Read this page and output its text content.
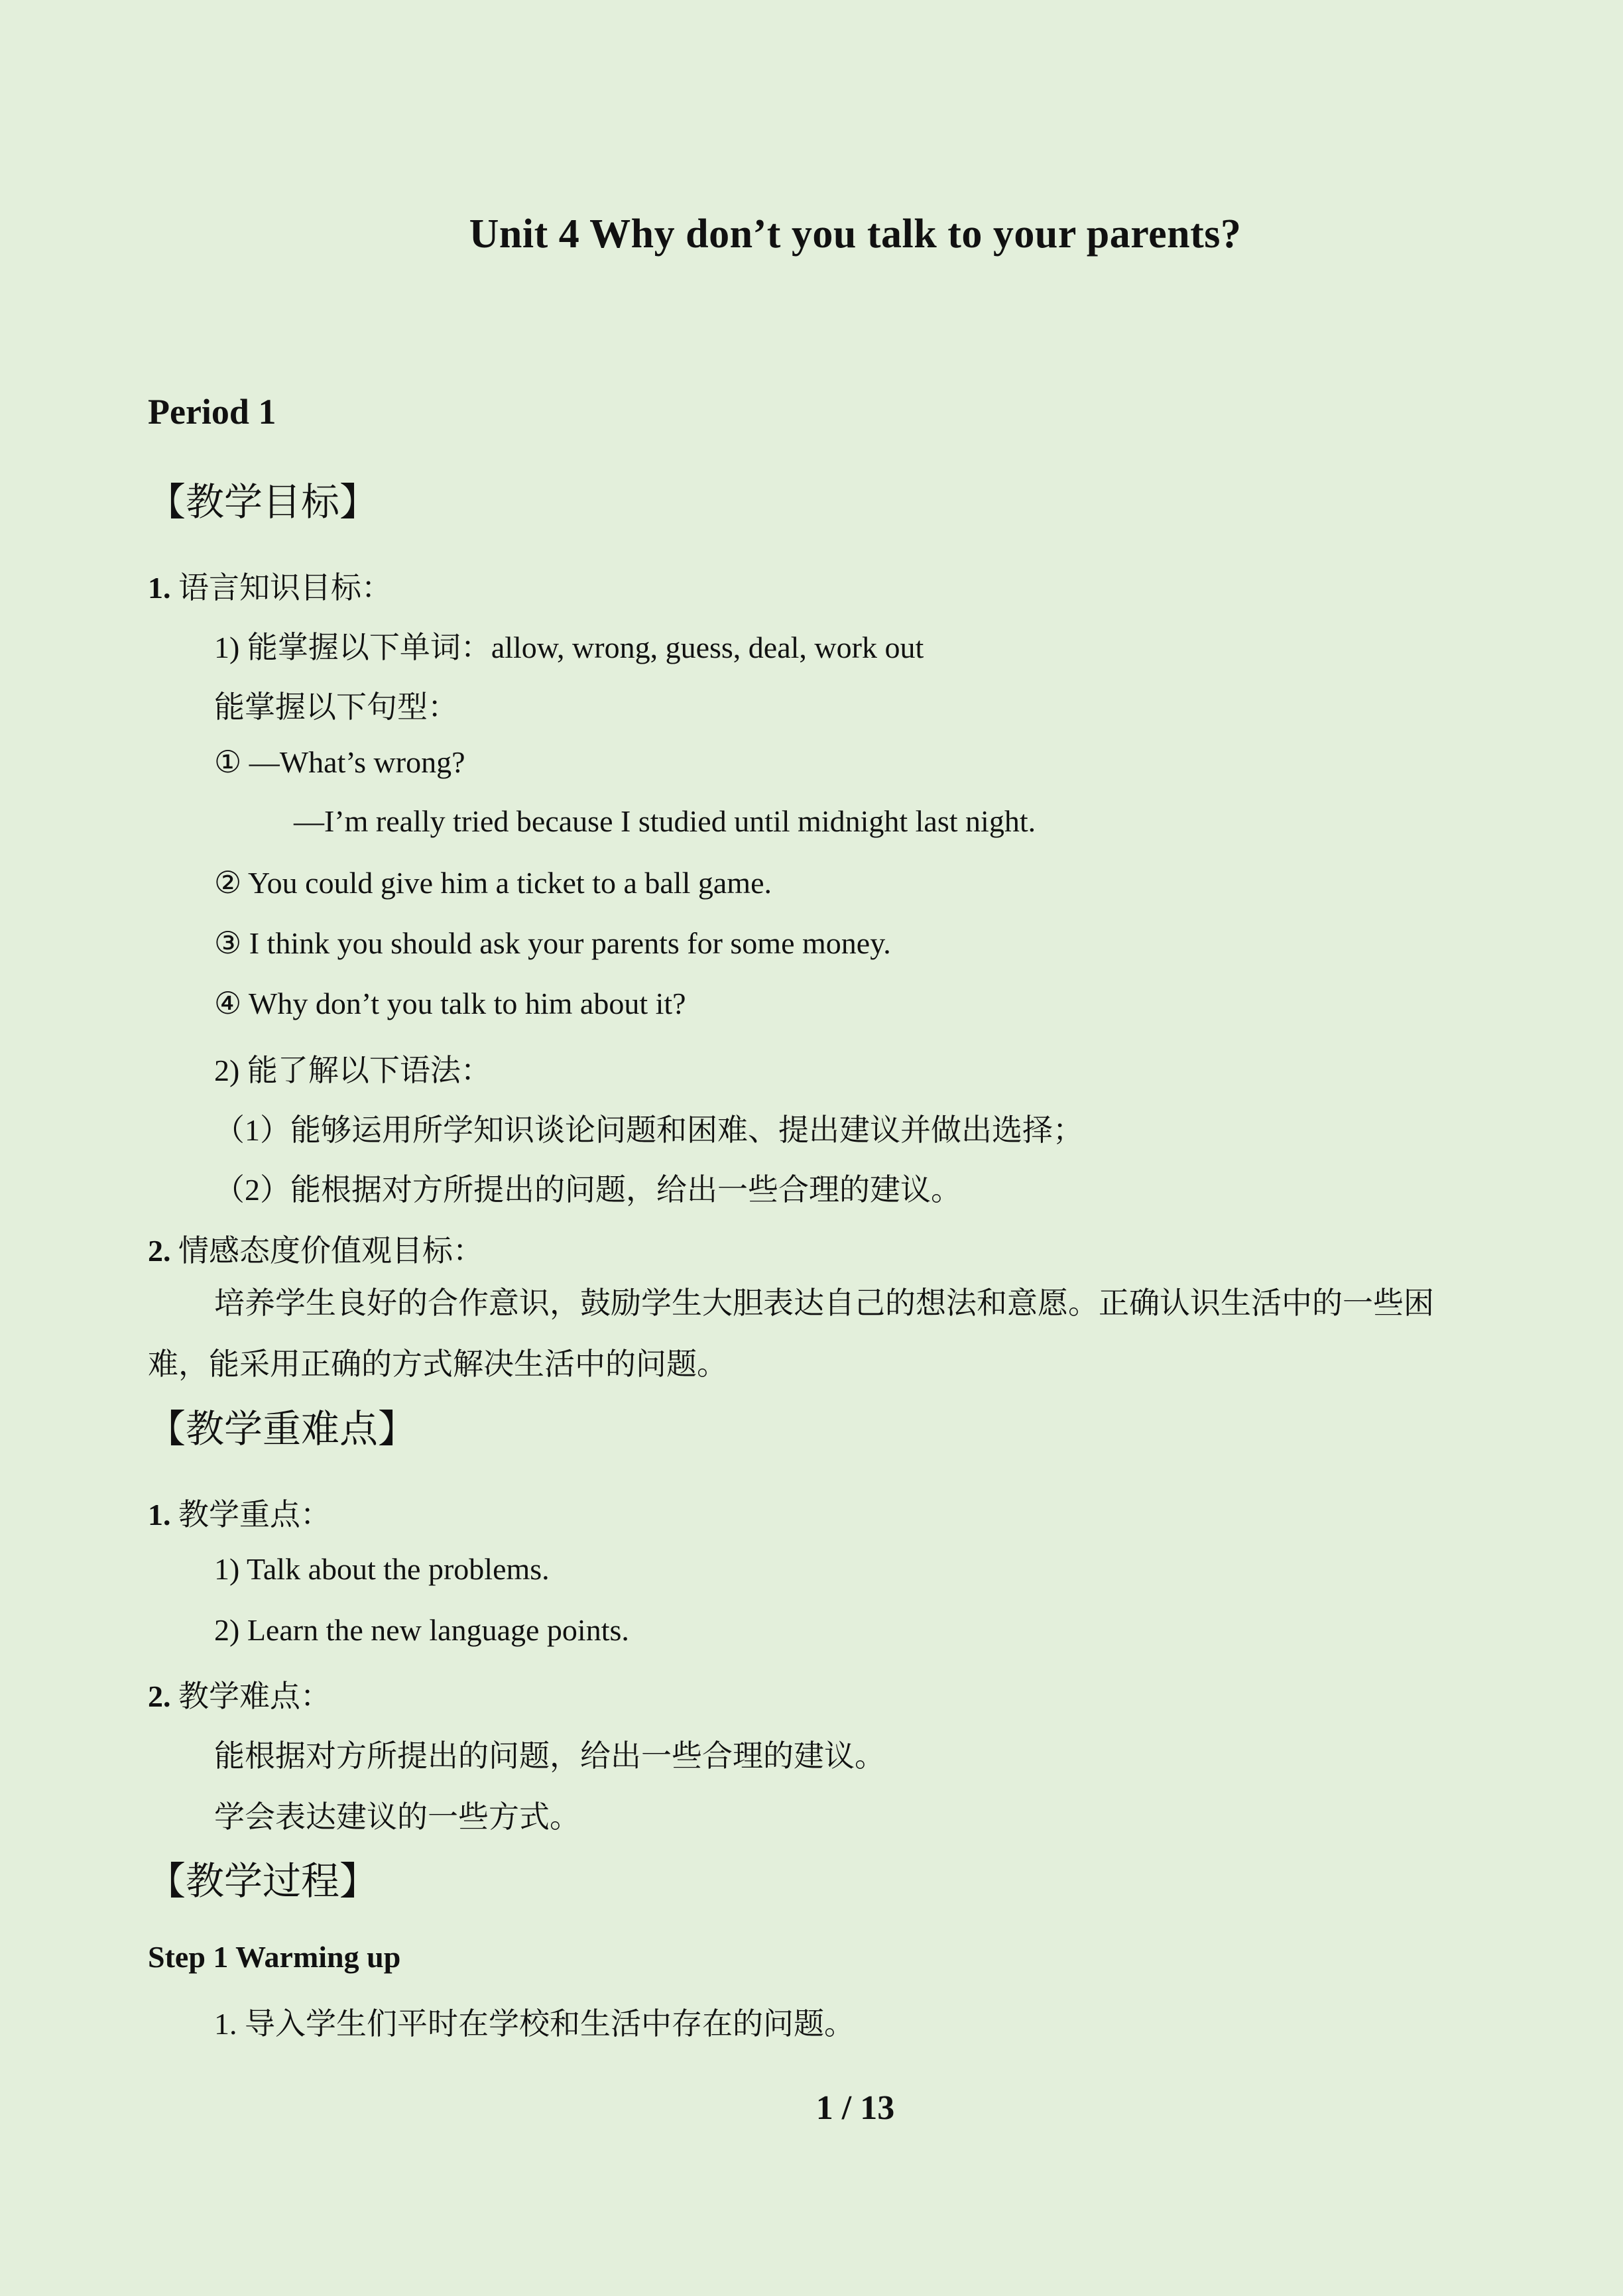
Unit 4 Why don’t you talk to your parents?
Period 1
【教学目标】
1. 语言知识目标：
1) 能掌握以下单词：allow, wrong, guess, deal, work out
能掌握以下句型：
① —What’s wrong?
—I’m really tried because I studied until midnight last night.
② You could give him a ticket to a ball game.
③ I think you should ask your parents for some money.
④ Why don’t you talk to him about it?
2) 能了解以下语法：
（1）能够运用所学知识谈论问题和困难、提出建议并做出选择；
（2）能根据对方所提出的问题，给出一些合理的建议。
2. 情感态度价值观目标：
培养学生良好的合作意识，鼓励学生大胆表达自己的想法和意愿。正确认识生活中的一些困难，能采用正确的方式解决生活中的问题。
【教学重难点】
1. 教学重点：
1) Talk about the problems.
2) Learn the new language points.
2. 教学难点：
能根据对方所提出的问题，给出一些合理的建议。
学会表达建议的一些方式。
【教学过程】
Step 1 Warming up
1. 导入学生们平时在学校和生活中存在的问题。
1 / 13
